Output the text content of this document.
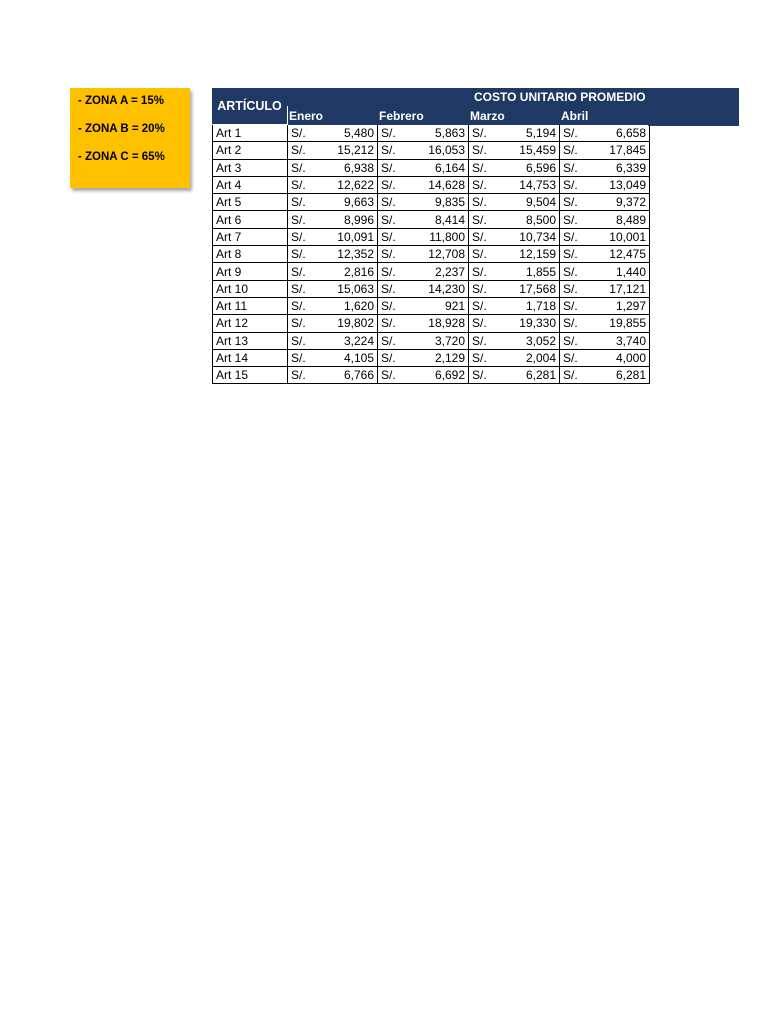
- ZONA A = 15%
- ZONA B = 20%
- ZONA C = 65%
ARTÍCULO
COSTO UNITARIO PROMEDIO
	Enero	Febrero	Marzo	Abril
Art 1	S/. 5,480	S/. 5,863	S/. 5,194	S/. 6,658

Art 2	S/. 15,212	S/. 16,053	S/. 15,459	S/. 17,845

Art 3	S/. 6,938	S/. 6,164	S/. 6,596	S/. 6,339

Art 4	S/. 12,622	S/. 14,628	S/. 14,753	S/. 13,049

Art 5	S/. 9,663	S/. 9,835	S/. 9,504	S/. 9,372

Art 6	S/. 8,996	S/. 8,414	S/. 8,500	S/. 8,489

Art 7	S/. 10,091	S/. 11,800	S/. 10,734	S/. 10,001

Art 8	S/. 12,352	S/. 12,708	S/. 12,159	S/. 12,475

Art 9	S/. 2,816	S/. 2,237	S/. 1,855	S/. 1,440

Art 10	S/. 15,063	S/. 14,230	S/. 17,568	S/. 17,121

Art 11	S/. 1,620	S/. 921	S/. 1,718	S/. 1,297

Art 12	S/. 19,802	S/. 18,928	S/. 19,330	S/. 19,855

Art 13	S/. 3,224	S/. 3,720	S/. 3,052	S/. 3,740

Art 14	S/. 4,105	S/. 2,129	S/. 2,004	S/. 4,000

Art 15	S/. 6,766	S/. 6,692	S/. 6,281	S/. 6,281
